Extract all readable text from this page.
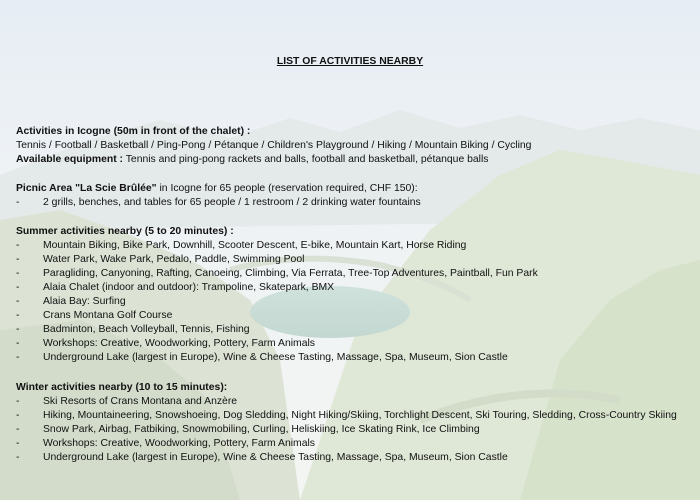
LIST OF ACTIVITIES NEARBY
Activities in Icogne (50m in front of the chalet) :
Tennis / Football / Basketball / Ping-Pong / Pétanque / Children's Playground / Hiking / Mountain Biking / Cycling
Available equipment : Tennis and ping-pong rackets and balls, football and basketball, pétanque balls
Picnic Area "La Scie Brûlée" in Icogne for 65 people (reservation required, CHF 150):
- 2 grills, benches, and tables for 65 people / 1 restroom / 2 drinking water fountains
Summer activities nearby (5 to 20 minutes) :
- Mountain Biking, Bike Park, Downhill, Scooter Descent, E-bike, Mountain Kart, Horse Riding
- Water Park, Wake Park, Pedalo, Paddle, Swimming Pool
- Paragliding, Canyoning, Rafting, Canoeing, Climbing, Via Ferrata, Tree-Top Adventures, Paintball, Fun Park
- Alaia Chalet (indoor and outdoor): Trampoline, Skatepark, BMX
- Alaia Bay: Surfing
- Crans Montana Golf Course
- Badminton, Beach Volleyball, Tennis, Fishing
- Workshops: Creative, Woodworking, Pottery, Farm Animals
- Underground Lake (largest in Europe), Wine & Cheese Tasting, Massage, Spa, Museum, Sion Castle
Winter activities nearby (10 to 15 minutes):
- Ski Resorts of Crans Montana and Anzère
- Hiking, Mountaineering, Snowshoeing, Dog Sledding, Night Hiking/Skiing, Torchlight Descent, Ski Touring, Sledding, Cross-Country Skiing
- Snow Park, Airbag, Fatbiking, Snowmobiling, Curling, Heliskiing, Ice Skating Rink, Ice Climbing
- Workshops: Creative, Woodworking, Pottery, Farm Animals
- Underground Lake (largest in Europe), Wine & Cheese Tasting, Massage, Spa, Museum, Sion Castle
